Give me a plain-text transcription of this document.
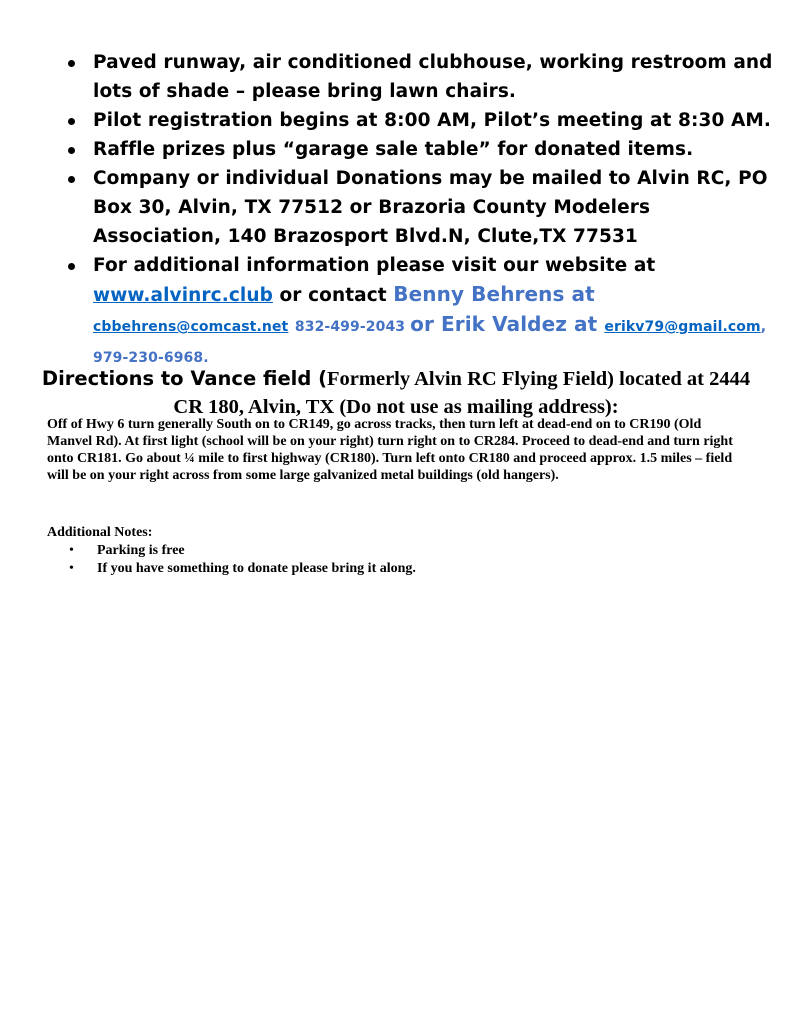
Paved runway, air conditioned clubhouse, working restroom and lots of shade – please bring lawn chairs.
Pilot registration begins at 8:00 AM, Pilot’s meeting at 8:30 AM.
Raffle prizes plus “garage sale table” for donated items.
Company or individual Donations may be mailed to Alvin RC, PO Box 30, Alvin, TX 77512 or Brazoria County Modelers Association, 140 Brazosport Blvd.N, Clute,TX 77531
For additional information please visit our website at www.alvinrc.club or contact Benny Behrens at cbbehrens@comcast.net 832-499-2043 or Erik Valdez at erikv79@gmail.com, 979-230-6968.
Directions to Vance field (Formerly Alvin RC Flying Field) located at 2444 CR 180, Alvin, TX (Do not use as mailing address):

Off of Hwy 6 turn generally South on to CR149, go across tracks, then turn left at dead-end on to CR190 (Old Manvel Rd). At first light (school will be on your right) turn right on to CR284. Proceed to dead-end and turn right onto CR181. Go about ¼ mile to first highway (CR180). Turn left onto CR180 and proceed approx. 1.5 miles – field will be on your right across from some large galvanized metal buildings (old hangers).

Additional Notes:

• Parking is free
• If you have something to donate please bring it along.
